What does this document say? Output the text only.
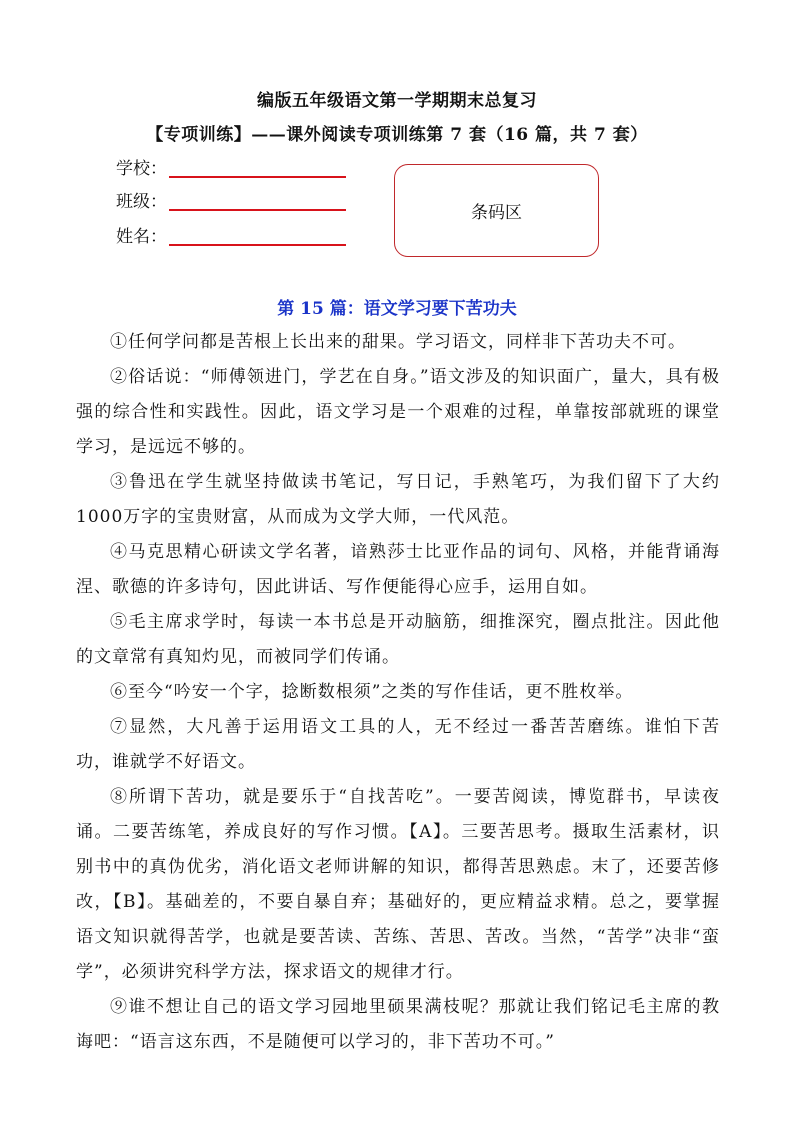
编版五年级语文第一学期期末总复习
【专项训练】——课外阅读专项训练第 7 套（16 篇，共 7 套）
学校：
班级：
姓名：
条码区
第 15 篇：语文学习要下苦功夫

①任何学问都是苦根上长出来的甜果。学习语文，同样非下苦功夫不可。

②俗话说：“师傅领进门，学艺在自身。”语文涉及的知识面广，量大，具有极强的综合性和实践性。因此，语文学习是一个艰难的过程，单靠按部就班的课堂学习，是远远不够的。

③鲁迅在学生就坚持做读书笔记，写日记，手熟笔巧，为我们留下了大约1000万字的宝贵财富，从而成为文学大师，一代风范。

④马克思精心研读文学名著，谙熟莎士比亚作品的词句、风格，并能背诵海涅、歌德的许多诗句，因此讲话、写作便能得心应手，运用自如。

⑤毛主席求学时，每读一本书总是开动脑筋，细推深究，圈点批注。因此他的文章常有真知灼见，而被同学们传诵。

⑥至今“吟安一个字，捻断数根须”之类的写作佳话，更不胜枚举。

⑦显然，大凡善于运用语文工具的人，无不经过一番苦苦磨练。谁怕下苦功，谁就学不好语文。

⑧所谓下苦功，就是要乐于“自找苦吃”。一要苦阅读，博览群书，早读夜诵。二要苦练笔，养成良好的写作习惯。【A】。三要苦思考。摄取生活素材，识别书中的真伪优劣，消化语文老师讲解的知识，都得苦思熟虑。末了，还要苦修改，【B】。基础差的，不要自暴自弃；基础好的，更应精益求精。总之，要掌握语文知识就得苦学，也就是要苦读、苦练、苦思、苦改。当然，“苦学”决非“蛮学”，必须讲究科学方法，探求语文的规律才行。

⑨谁不想让自己的语文学习园地里硕果满枝呢？那就让我们铭记毛主席的教诲吧：“语言这东西，不是随便可以学习的，非下苦功不可。”
